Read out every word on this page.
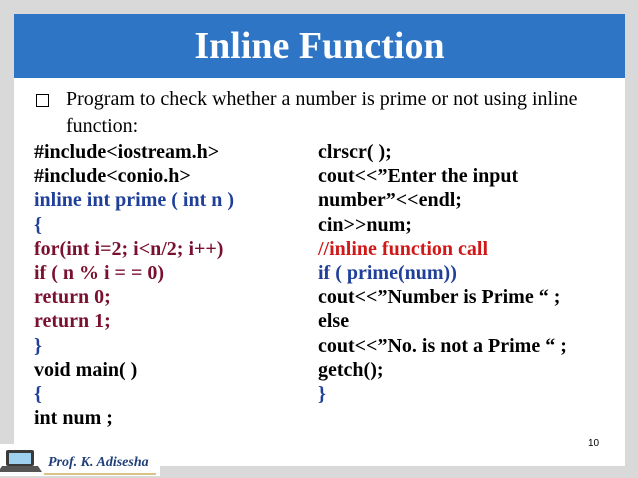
Inline Function
Program to check whether a number is prime or not using inline function:
#include<iostream.h>
#include<conio.h>
inline int prime ( int n )
{
for(int i=2; i<n/2; i++)
if ( n % i = = 0)
return 0;
return 1;
}
void main( )
{
int num ;
clrscr( );
cout<<”Enter the input
number”<<endl;
cin>>num;
//inline function call
if ( prime(num))
cout<<”Number is Prime “ ;
else
cout<<”No. is not a Prime “ ;
getch();
}
10
Prof. K. Adisesha
